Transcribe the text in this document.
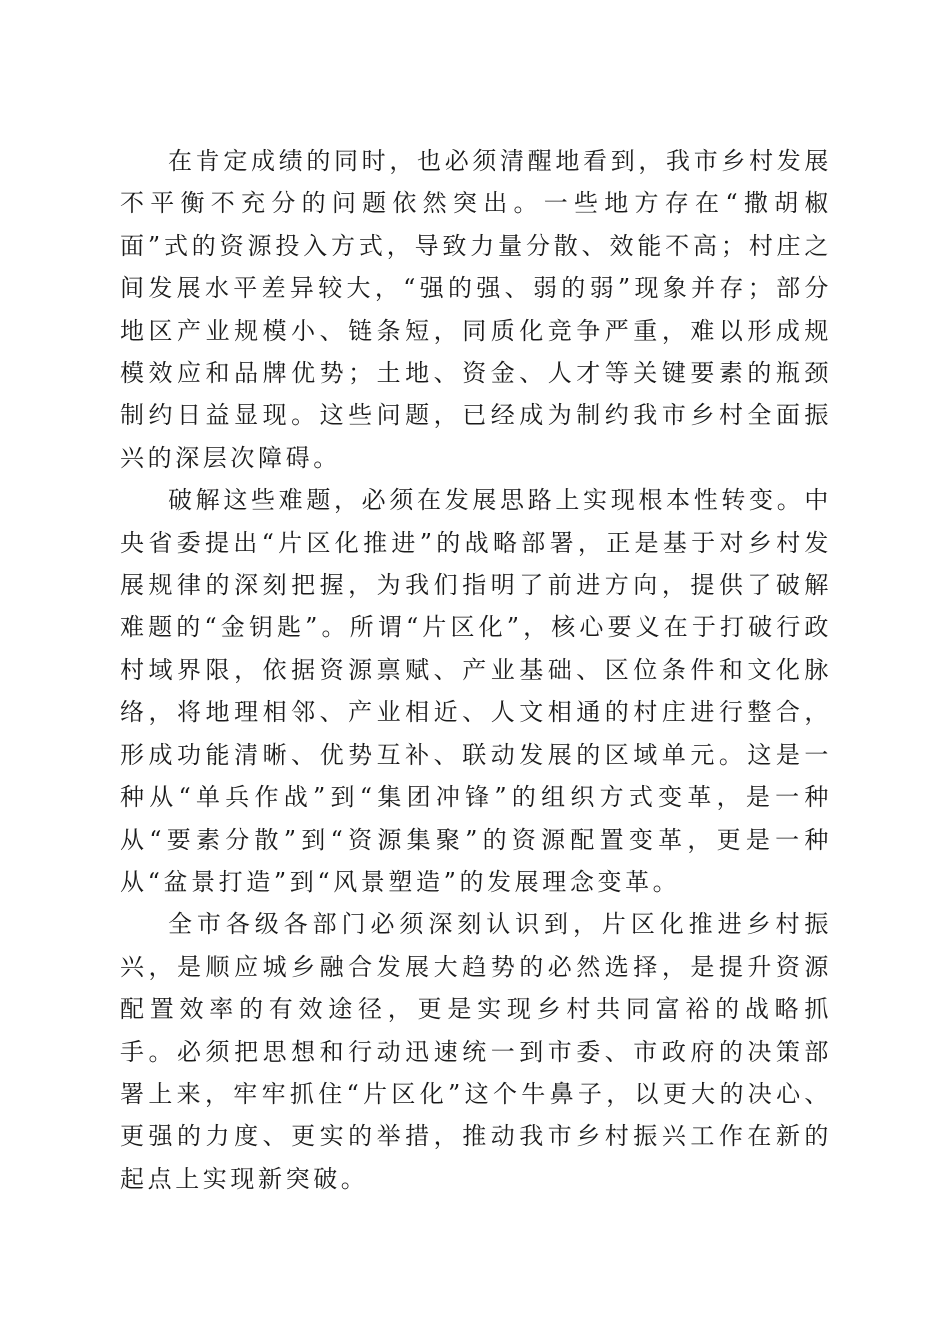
在肯定成绩的同时，也必须清醒地看到，我市乡村发展不平衡不充分的问题依然突出。一些地方存在“撒胡椒面”式的资源投入方式，导致力量分散、效能不高；村庄之间发展水平差异较大，“强的强、弱的弱”现象并存；部分地区产业规模小、链条短，同质化竞争严重，难以形成规模效应和品牌优势；土地、资金、人才等关键要素的瓶颈制约日益显现。这些问题，已经成为制约我市乡村全面振兴的深层次障碍。

破解这些难题，必须在发展思路上实现根本性转变。中央省委提出“片区化推进”的战略部署，正是基于对乡村发展规律的深刻把握，为我们指明了前进方向，提供了破解难题的“金钥匙”。所谓“片区化”，核心要义在于打破行政村域界限，依据资源禀赋、产业基础、区位条件和文化脉络，将地理相邻、产业相近、人文相通的村庄进行整合，形成功能清晰、优势互补、联动发展的区域单元。这是一种从“单兵作战”到“集团冲锋”的组织方式变革，是一种从“要素分散”到“资源集聚”的资源配置变革，更是一种从“盆景打造”到“风景塑造”的发展理念变革。

全市各级各部门必须深刻认识到，片区化推进乡村振兴，是顺应城乡融合发展大趋势的必然选择，是提升资源配置效率的有效途径，更是实现乡村共同富裕的战略抓手。必须把思想和行动迅速统一到市委、市政府的决策部署上来，牢牢抓住“片区化”这个牛鼻子，以更大的决心、更强的力度、更实的举措，推动我市乡村振兴工作在新的起点上实现新突破。
